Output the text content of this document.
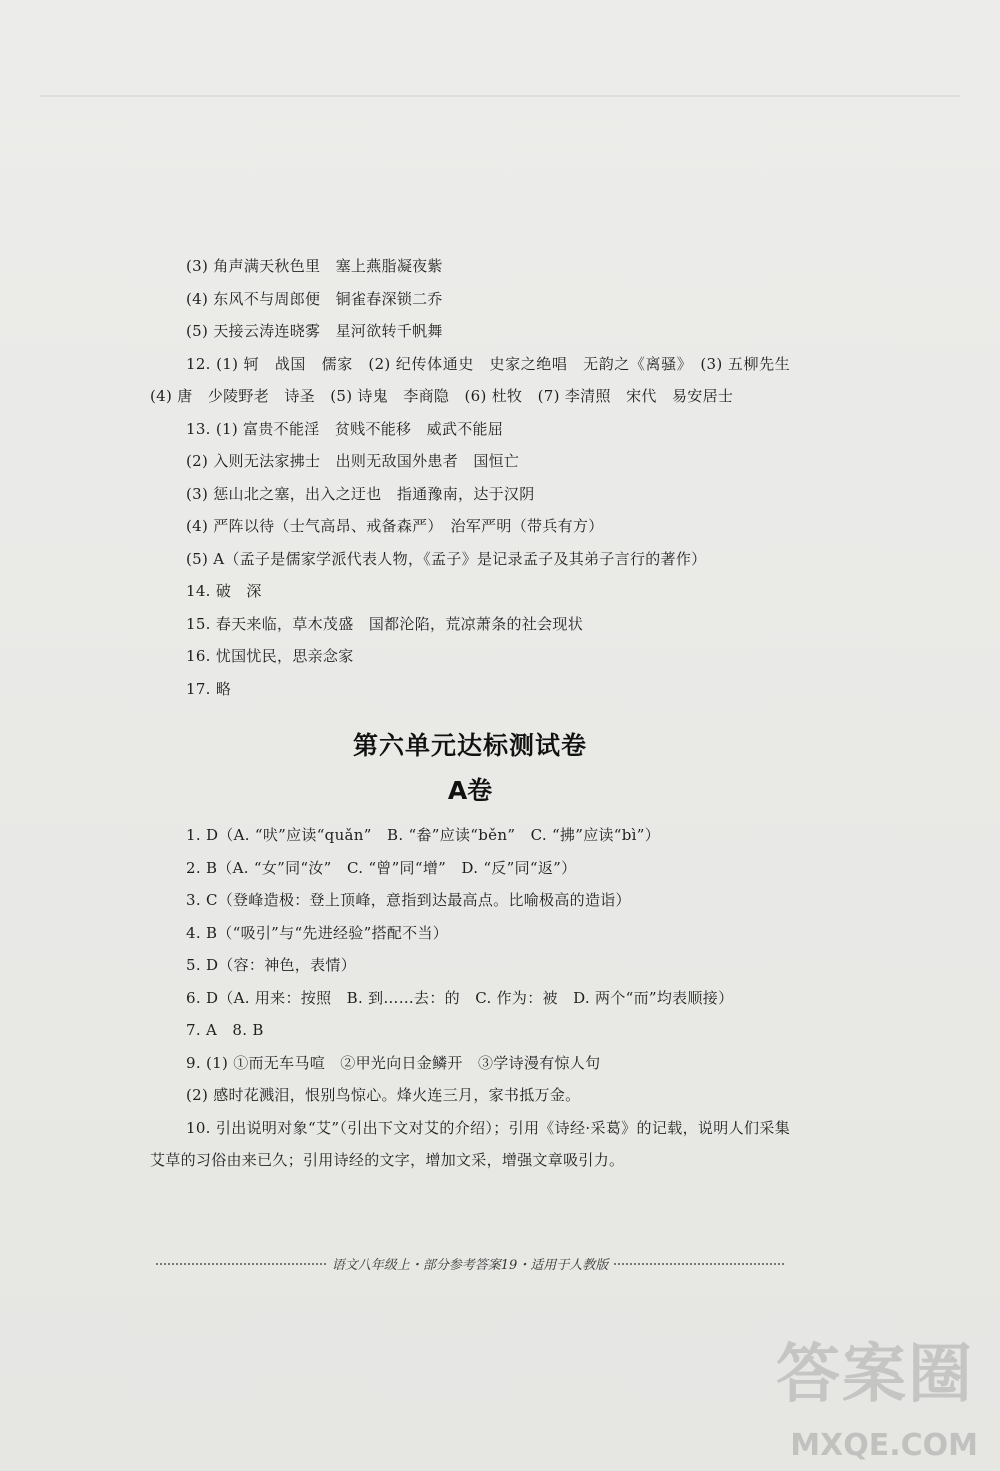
(3) 角声满天秋色里　塞上燕脂凝夜紫
(4) 东风不与周郎便　铜雀春深锁二乔
(5) 天接云涛连晓雾　星河欲转千帆舞
12. (1) 轲　战国　儒家　(2) 纪传体通史　史家之绝唱　无韵之《离骚》　(3) 五柳先生　(4) 唐　少陵野老　诗圣　(5) 诗鬼　李商隐　(6) 杜牧　(7) 李清照　宋代　易安居士
13. (1) 富贵不能淫　贫贱不能移　威武不能屈
(2) 入则无法家拂士　出则无敌国外患者　国恒亡
(3) 惩山北之塞，出入之迂也　指通豫南，达于汉阴
(4) 严阵以待（士气高昂、戒备森严）　治军严明（带兵有方）
(5) A（孟子是儒家学派代表人物，《孟子》是记录孟子及其弟子言行的著作）
14. 破　深
15. 春天来临，草木茂盛　国都沦陷，荒凉萧条的社会现状
16. 忧国忧民，思亲念家
17. 略
第六单元达标测试卷
A卷
1. D（A. “吠”应读“quǎn”　B. “畚”应读“běn”　C. “拂”应读“bì”）
2. B（A. “女”同“汝”　C. “曾”同“增”　D. “反”同“返”）
3. C（登峰造极：登上顶峰，意指到达最高点。比喻极高的造诣）
4. B（“吸引”与“先进经验”搭配不当）
5. D（容：神色，表情）
6. D（A. 用来：按照　B. 到……去：的　C. 作为：被　D. 两个“而”均表顺接）
7. A　8. B
9. (1) ①而无车马喧　②甲光向日金鳞开　③学诗漫有惊人句
(2) 感时花溅泪，恨别鸟惊心。烽火连三月，家书抵万金。
10. 引出说明对象“艾”（引出下文对艾的介绍）；引用《诗经·采葛》的记载，说明人们采集艾草的习俗由来已久；引用诗经的文字，增加文采，增强文章吸引力。
语文八年级上・部分参考答案19・适用于人教版
答案圈
MXQE.COM
